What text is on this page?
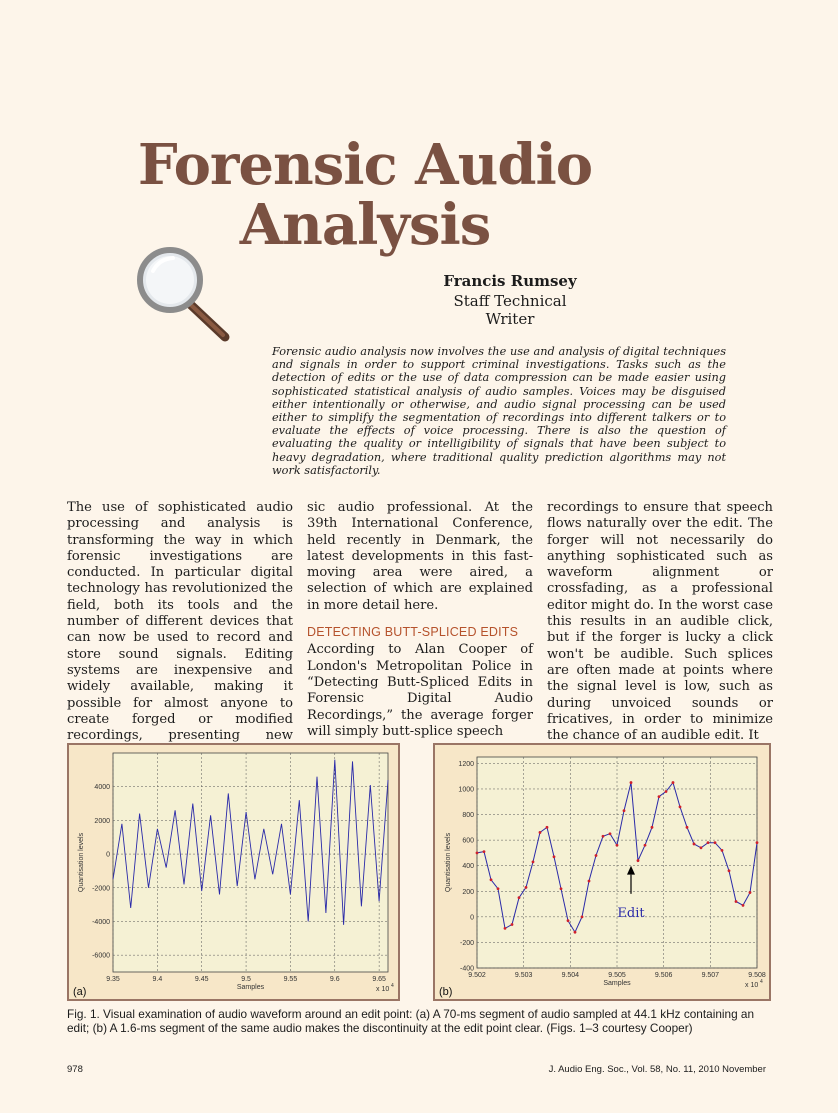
Forensic Audio
Analysis
Francis Rumsey
Staff Technical Writer
Forensic audio analysis now involves the use and analysis of digital techniques and signals in order to support criminal investigations. Tasks such as the detection of edits or the use of data compression can be made easier using sophisticated statistical analysis of audio samples. Voices may be disguised either intentionally or otherwise, and audio signal processing can be used either to simplify the segmentation of recordings into different talkers or to evaluate the effects of voice processing. There is also the question of evaluating the quality or intelligibility of signals that have been subject to heavy degradation, where traditional quality prediction algorithms may not work satisfactorily.

The use of sophisticated audio processing and analysis is transforming the way in which forensic investigations are conducted. In particular digital technology has revolutionized the field, both its tools and the number of different devices that can now be used to record and store sound signals. Editing systems are inexpensive and widely available, making it possible for almost anyone to create forged or modified recordings, presenting new

sic audio professional. At the 39th International Conference, held recently in Denmark, the latest developments in this fast-moving area were aired, a selection of which are explained in more detail here.

DETECTING BUTT-SPLICED EDITS

According to Alan Cooper of London's Metropolitan Police in “Detecting Butt-Spliced Edits in Forensic Digital Audio Recordings,” the average forger will simply butt-splice speech

recordings to ensure that speech flows naturally over the edit. The forger will not necessarily do anything sophisticated such as waveform alignment or crossfading, as a professional editor might do. In the worst case this results in an audible click, but if the forger is lucky a click won't be audible. Such splices are often made at points where the signal level is low, such as during unvoiced sounds or fricatives, in order to minimize the chance of an audible edit. It

4000
2000
0
-2000
-4000
-6000
9.35	9.4	9.45	9.5	9.55	9.6	9.65
Samples
Quantisation levels
x 10 4
(a)
1200
1000
800
600
400
200
0
-200
-400
9.502	9.503	9.504	9.505	9.506	9.507	9.508
Edit
Samples
Quantisation levels
x 10 4
(b)
Fig. 1. Visual examination of audio waveform around an edit point: (a) A 70-ms segment of audio sampled at 44.1 kHz containing an edit; (b) A 1.6-ms segment of the same audio makes the discontinuity at the edit point clear. (Figs. 1–3 courtesy Cooper)
978	J. Audio Eng. Soc., Vol. 58, No. 11, 2010 November
